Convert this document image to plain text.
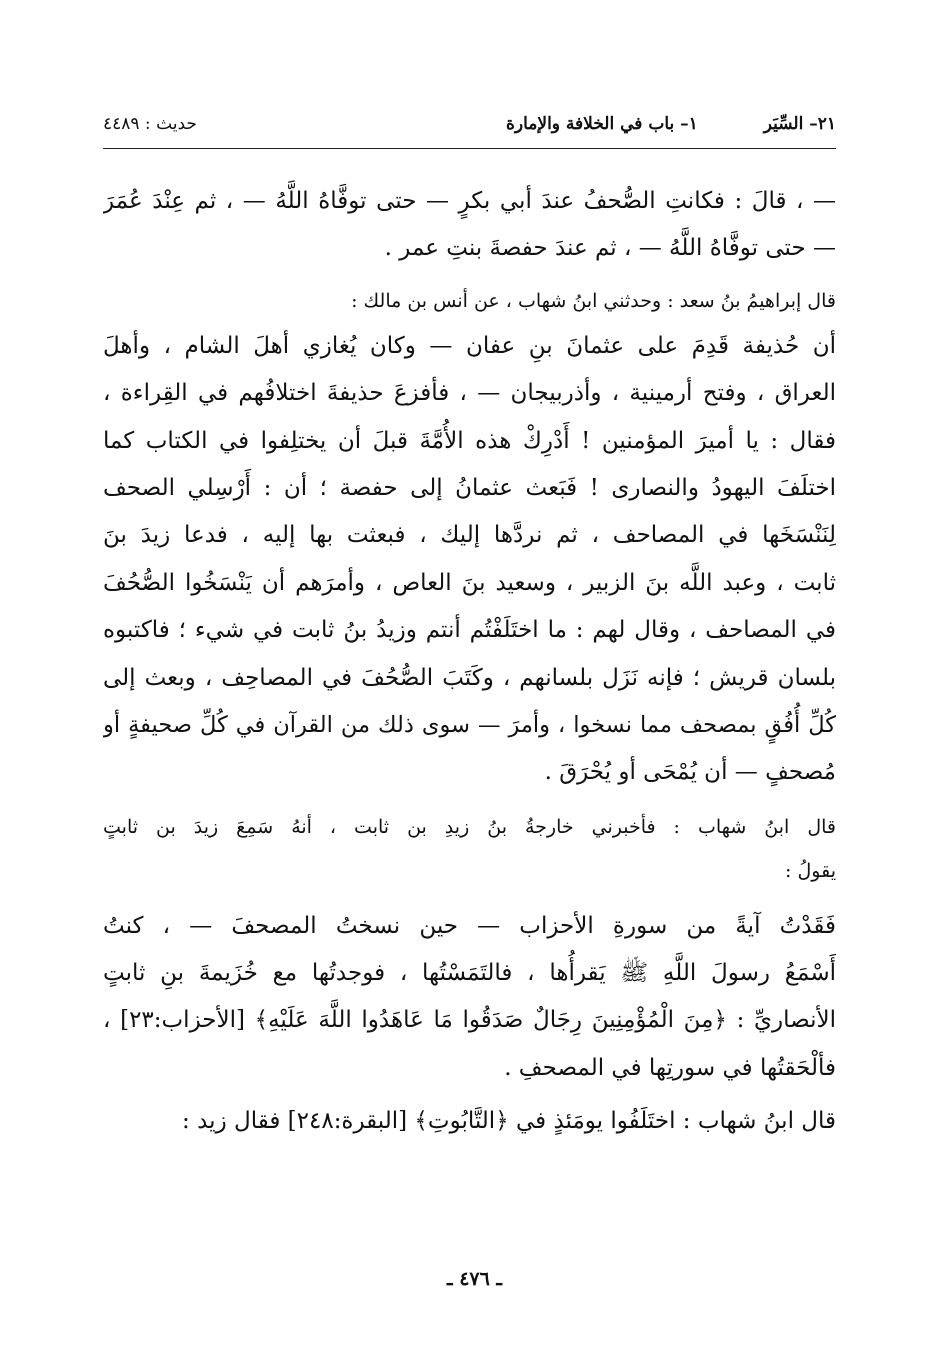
٢١– السِّيَر ١– باب في الخلافة والإمارة
حديث : ٤٤٨٩
— ، قالَ : فكانتِ الصُّحفُ عندَ أبي بكرٍ — حتى توفَّاهُ اللَّهُ — ، ثم عِنْدَ عُمَرَ
— حتى توفَّاهُ اللَّهُ — ، ثم عندَ حفصةَ بنتِ عمر .
قال إبراهيمُ بنُ سعد : وحدثني ابنُ شهاب ، عن أنس بن مالك :
أن حُذيفة قَدِمَ على عثمانَ بنِ عفان — وكان يُغازي أهلَ الشام ، وأهلَ
العراق ، وفتح أرمينية ، وأذربيجان — ، فأفزعَ حذيفةَ اختلافُهم في القِراءة ،
فقال : يا أميرَ المؤمنين ! أَدْرِكْ هذه الأُمَّةَ قبلَ أن يختلِفوا في الكتاب كما
اختلَفَ اليهودُ والنصارى ! فَبَعث عثمانُ إلى حفصة ؛ أن : أَرْسِلي الصحف
لِنَنْسَخَها في المصاحف ، ثم نردَّها إليك ، فبعثت بها إليه ، فدعا زيدَ بنَ
ثابت ، وعبد اللَّه بنَ الزبير ، وسعيد بنَ العاص ، وأمرَهم أن يَنْسَخُوا الصُّحُفَ
في المصاحف ، وقال لهم : ما اختَلَفْتُم أنتم وزيدُ بنُ ثابت في شيء ؛ فاكتبوه
بلسان قريش ؛ فإنه نَزَل بلسانهم ، وكَتَبَ الصُّحُفَ في المصاحِف ، وبعث إلى
كُلِّ أُفُقٍ بمصحف مما نسخوا ، وأمرَ — سوى ذلك من القرآن في كُلِّ صحيفةٍ أو
مُصحفٍ — أن يُمْحَى أو يُحْرَقَ .
قال ابنُ شهاب : فأخبرني خارجةُ بنُ زيدِ بن ثابت ، أنهُ سَمِعَ زيدَ بن ثابتٍ
يقولُ :
فَقَدْتُ آيةً من سورةِ الأحزاب — حين نسختُ المصحفَ — ، كنتُ
أَسْمَعُ رسولَ اللَّهِ ﷺ يَقرأُها ، فالتَمَسْتُها ، فوجدتُها مع خُزَيمةَ بنِ ثابتٍ
الأنصاريِّ : ﴿مِنَ الْمُؤْمِنِينَ رِجَالٌ صَدَقُوا مَا عَاهَدُوا اللَّهَ عَلَيْهِ﴾ [الأحزاب:٢٣] ،
فألْحَقتُها في سورتِها في المصحفِ .
قال ابنُ شهاب : اختَلَفُوا يومَئذٍ في ﴿التَّابُوتِ﴾ [البقرة:٢٤٨] فقال زيد :
ـ ٤٧٦ ـ
